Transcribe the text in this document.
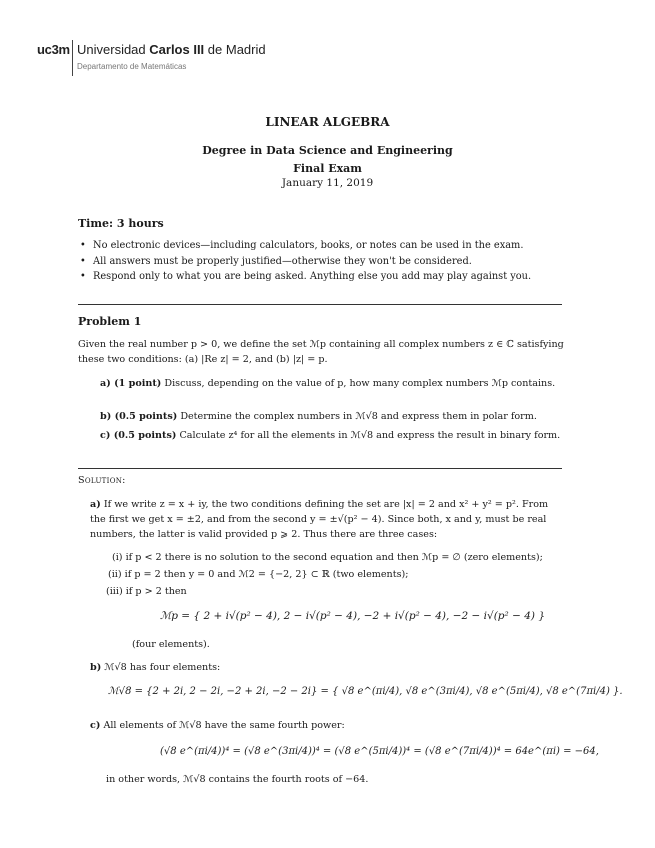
uc3m Universidad Carlos III de Madrid
Departamento de Matemáticas
LINEAR ALGEBRA
Degree in Data Science and Engineering
Final Exam
January 11, 2019
Time: 3 hours
• No electronic devices—including calculators, books, or notes can be used in the exam.
• All answers must be properly justified—otherwise they won't be considered.
• Respond only to what you are being asked. Anything else you add may play against you.
Problem 1
Given the real number p > 0, we define the set ℳp containing all complex numbers z ∈ ℂ satisfying these two conditions: (a) |Re z| = 2, and (b) |z| = p.
a) (1 point) Discuss, depending on the value of p, how many complex numbers ℳp contains.
b) (0.5 points) Determine the complex numbers in ℳ√8 and express them in polar form.
c) (0.5 points) Calculate z⁴ for all the elements in ℳ√8 and express the result in binary form.
Solution:
a) If we write z = x + iy, the two conditions defining the set are |x| = 2 and x² + y² = p². From the first we get x = ±2, and from the second y = ±√(p² − 4). Since both, x and y, must be real numbers, the latter is valid provided p ⩾ 2. Thus there are three cases:
(i) if p < 2 there is no solution to the second equation and then ℳp = ∅ (zero elements);
(ii) if p = 2 then y = 0 and ℳ2 = {−2, 2} ⊂ ℝ (two elements);
(iii) if p > 2 then
ℳp = { 2 + i√(p² − 4), 2 − i√(p² − 4), −2 + i√(p² − 4), −2 − i√(p² − 4) }
(four elements).
b) ℳ√8 has four elements:
ℳ√8 = {2 + 2i, 2 − 2i, −2 + 2i, −2 − 2i} = { √8 e^(πi/4), √8 e^(3πi/4), √8 e^(5πi/4), √8 e^(7πi/4) }.
c) All elements of ℳ√8 have the same fourth power:
(√8 e^(πi/4))⁴ = (√8 e^(3πi/4))⁴ = (√8 e^(5πi/4))⁴ = (√8 e^(7πi/4))⁴ = 64e^(πi) = −64,
in other words, ℳ√8 contains the fourth roots of −64.
